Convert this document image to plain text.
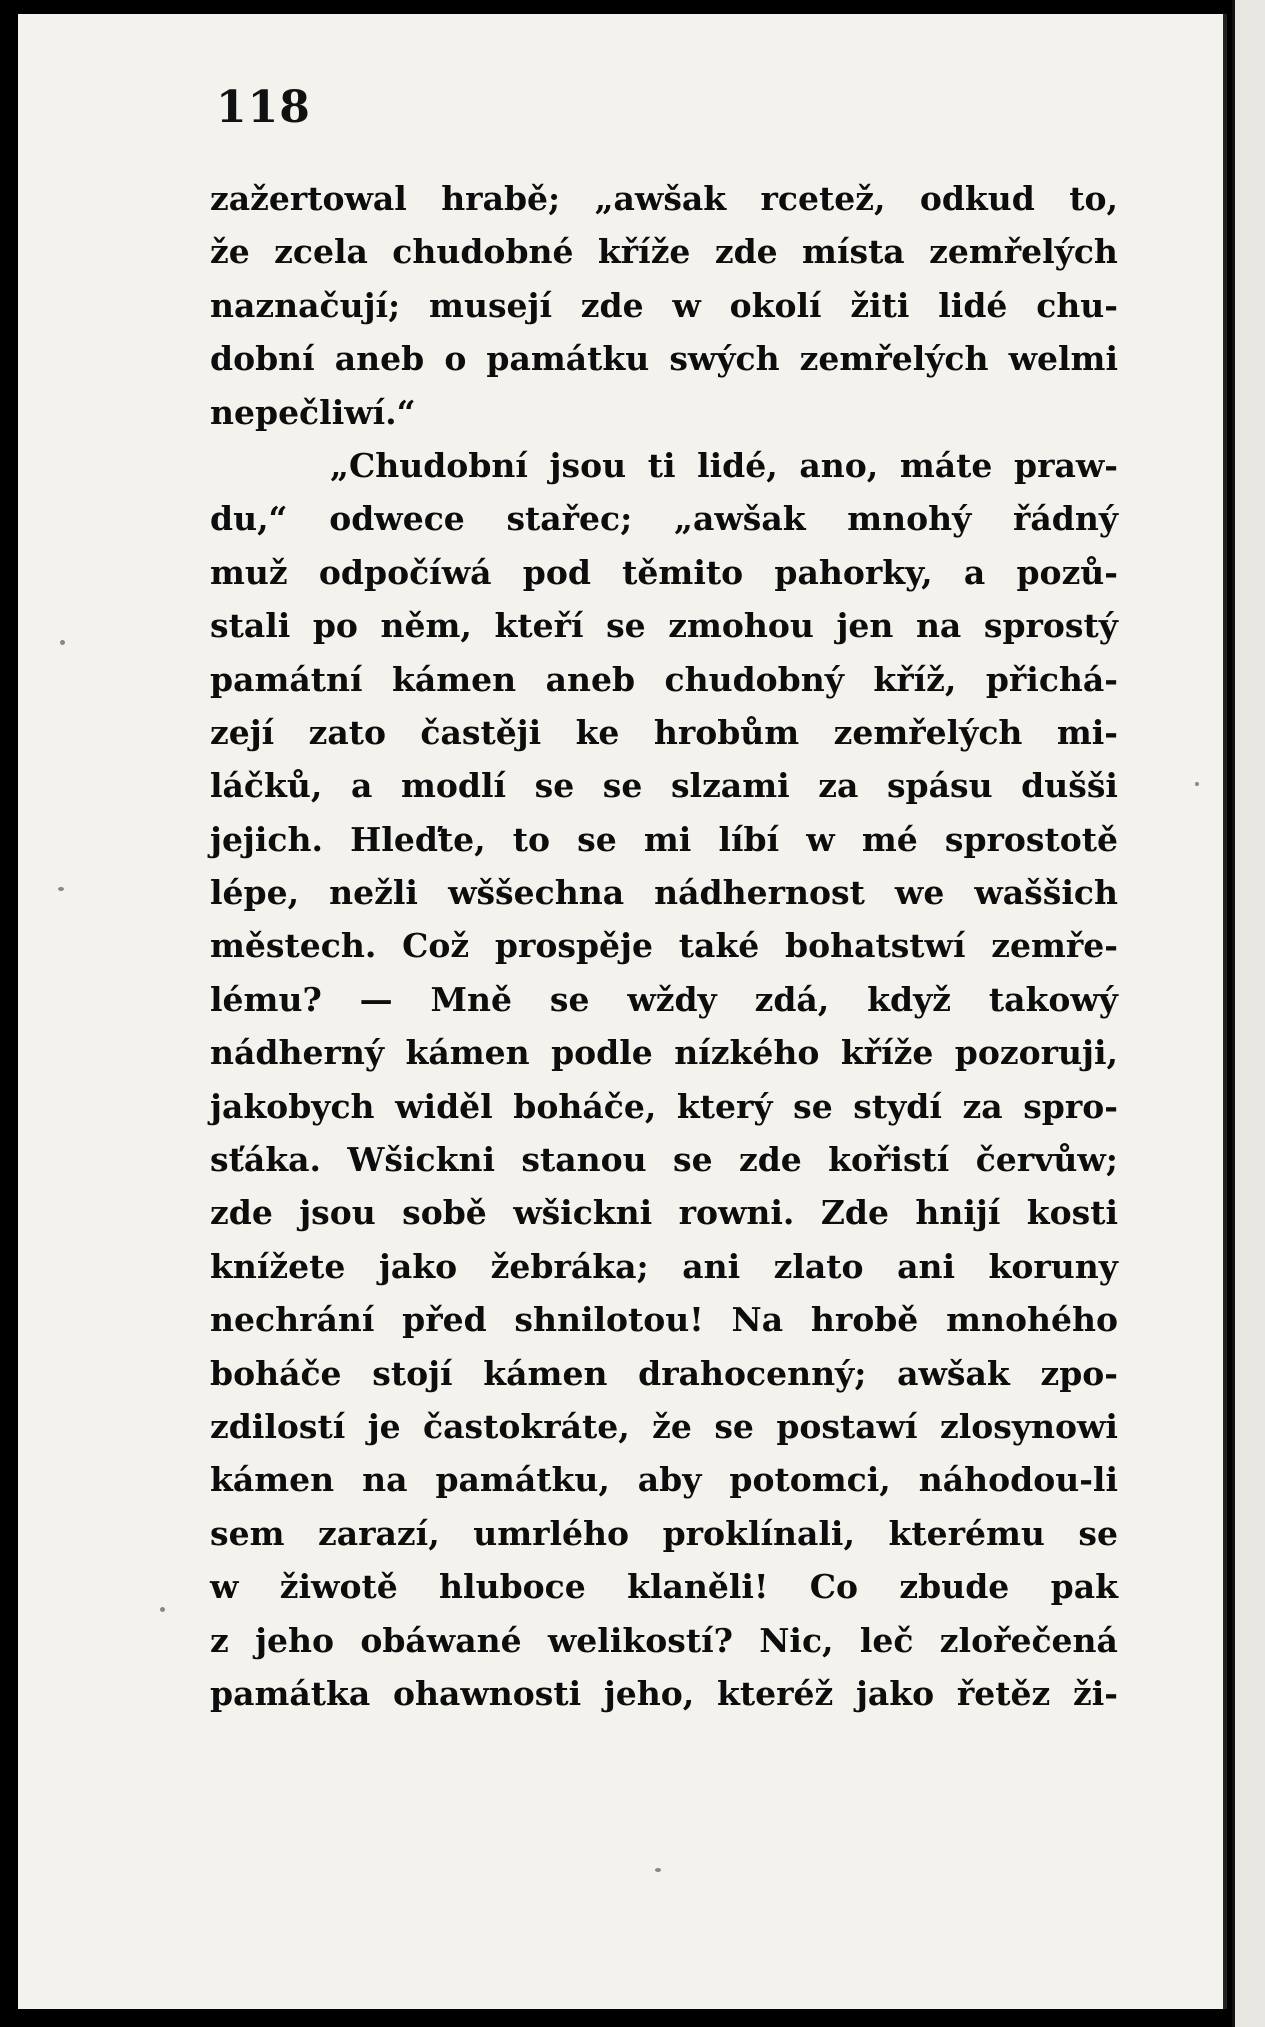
118
zažertowal hrabě; „awšak rcetež, odkud to,
že zcela chudobné kříže zde místa zemřelých
naznačují; musejí zde w okolí žiti lidé chu-
dobní aneb o památku swých zemřelých welmi
nepečliwí.“
„Chudobní jsou ti lidé, ano, máte praw-
du,“ odwece stařec; „awšak mnohý řádný
muž odpočíwá pod těmito pahorky, a pozů-
stali po něm, kteří se zmohou jen na sprostý
památní kámen aneb chudobný kříž, přichá-
zejí zato častěji ke hrobům zemřelých mi-
láčků, a modlí se se slzami za spásu dušši
jejich. Hleďte, to se mi líbí w mé sprostotě
lépe, nežli wššechna nádhernost we waššich
městech. Což prospěje také bohatstwí zemře-
lému? — Mně se wždy zdá, když takowý
nádherný kámen podle nízkého kříže pozoruji,
jakobych widěl boháče, který se stydí za spro-
sťáka. Wšickni stanou se zde kořistí červůw;
zde jsou sobě wšickni rowni. Zde hnijí kosti
knížete jako žebráka; ani zlato ani koruny
nechrání před shnilotou! Na hrobě mnohého
boháče stojí kámen drahocenný; awšak zpo-
zdilostí je častokráte, že se postawí zlosynowi
kámen na památku, aby potomci, náhodou-li
sem zarazí, umrlého proklínali, kterému se
w žiwotě hluboce klaněli! Co zbude pak
z jeho obáwané welikostí? Nic, leč zlořečená
památka ohawnosti jeho, kteréž jako řetěz ži-
